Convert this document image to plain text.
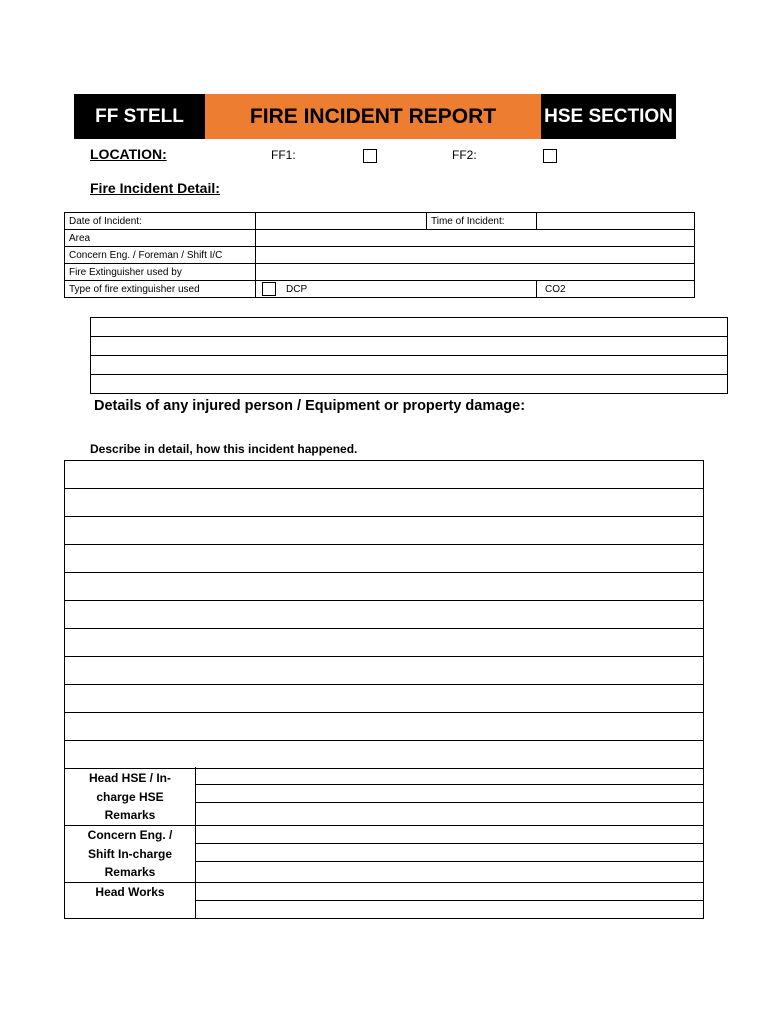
FF STELL	FIRE INCIDENT REPORT	HSE SECTION
LOCATION:	FF1:	FF2:
Fire Incident Detail:
Date of Incident:		Time of Incident:	
Area			
Concern Eng. / Foreman / Shift I/C			
Fire Extinguisher used by			
Type of fire extinguisher used	DCP		CO2

Details of any injured person / Equipment or property damage:
Describe in detail, how this incident happened.

Head HSE / In-charge HSE Remarks
Concern Eng. / Shift In-charge Remarks
Head Works
